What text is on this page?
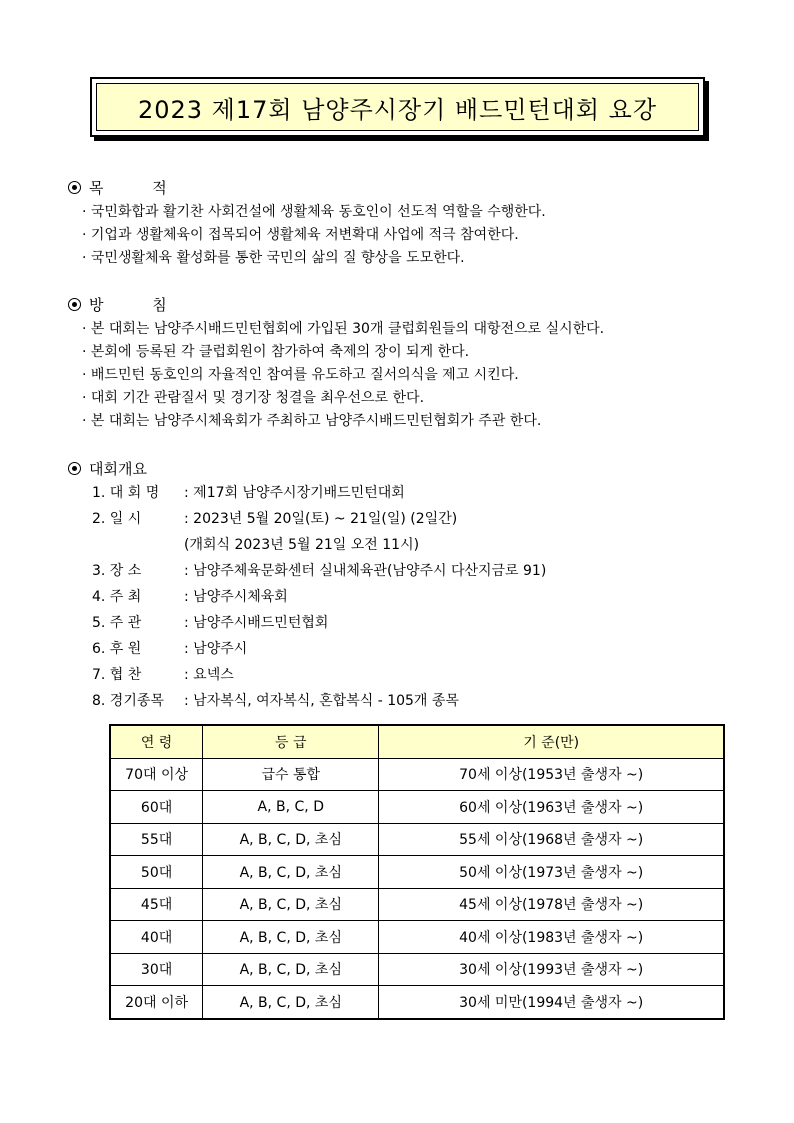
2023 제17회 남양주시장기 배드민턴대회 요강
목 적
· 국민화합과 활기찬 사회건설에 생활체육 동호인이 선도적 역할을 수행한다.
· 기업과 생활체육이 접목되어 생활체육 저변확대 사업에 적극 참여한다.
· 국민생활체육 활성화를 통한 국민의 삶의 질 향상을 도모한다.
방 침
· 본 대회는 남양주시배드민턴협회에 가입된 30개 클럽회원들의 대항전으로 실시한다.
· 본회에 등록된 각 클럽회원이 참가하여 축제의 장이 되게 한다.
· 배드민턴 동호인의 자율적인 참여를 유도하고 질서의식을 제고 시킨다.
· 대회 기간 관람질서 및 경기장 청결을 최우선으로 한다.
· 본 대회는 남양주시체육회가 주최하고 남양주시배드민턴협회가 주관 한다.
대회개요
1. 대 회 명 : 제17회 남양주시장기배드민턴대회
2. 일 시	: 2023년 5월 20일(토) ~ 21일(일) (2일간)
(개회식 2023년 5월 21일 오전 11시)
3. 장 소	: 남양주체육문화센터 실내체육관(남양주시 다산지금로 91)
4. 주 최	: 남양주시체육회
5. 주 관	: 남양주시배드민턴협회
6. 후 원	: 남양주시
7. 협 찬	: 요넥스
8. 경기종목 : 남자복식, 여자복식, 혼합복식 - 105개 종목
연 령	등 급	기 준(만)
70대 이상	급수 통합	70세 이상(1953년 출생자 ~)
60대	A, B, C, D	60세 이상(1963년 출생자 ~)
55대	A, B, C, D, 초심	55세 이상(1968년 출생자 ~)
50대	A, B, C, D, 초심	50세 이상(1973년 출생자 ~)
45대	A, B, C, D, 초심	45세 이상(1978년 출생자 ~)
40대	A, B, C, D, 초심	40세 이상(1983년 출생자 ~)
30대	A, B, C, D, 초심	30세 이상(1993년 출생자 ~)
20대 이하	A, B, C, D, 초심	30세 미만(1994년 출생자 ~)
